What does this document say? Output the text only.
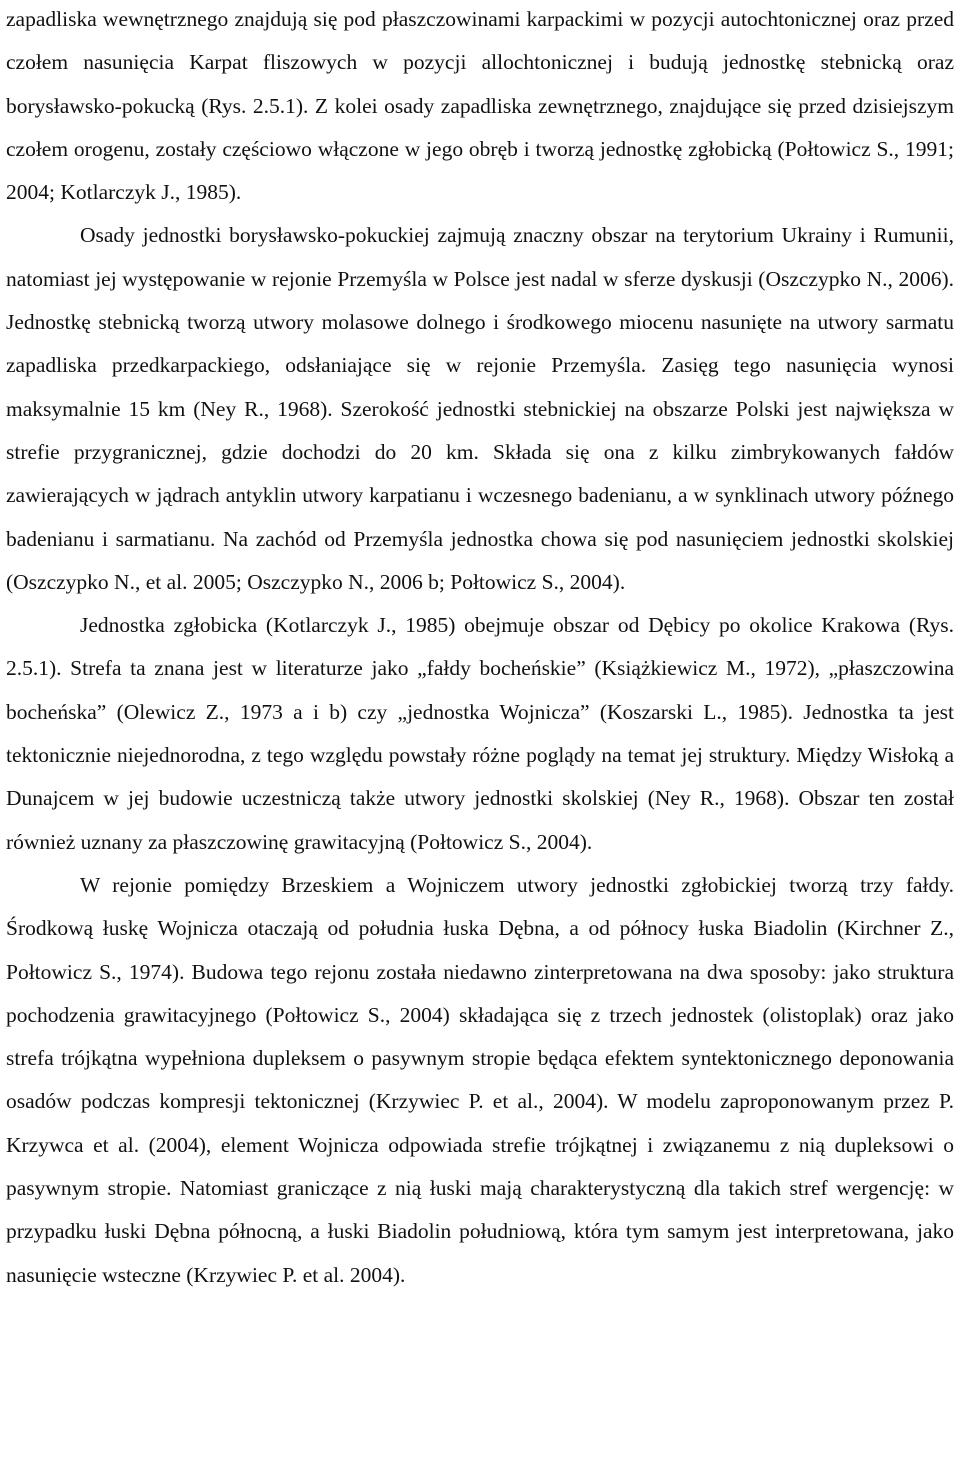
zapadliska wewnętrznego znajdują się pod płaszczowinami karpackimi w pozycji autochtonicznej oraz przed czołem nasunięcia Karpat fliszowych w pozycji allochtonicznej i budują jednostkę stebnicką oraz borysławsko-pokucką (Rys. 2.5.1). Z kolei osady zapadliska zewnętrznego, znajdujące się przed dzisiejszym czołem orogenu, zostały częściowo włączone w jego obręb i tworzą jednostkę zgłobicką (Połtowicz S., 1991; 2004; Kotlarczyk J., 1985).

Osady jednostki borysławsko-pokuckiej zajmują znaczny obszar na terytorium Ukrainy i Rumunii, natomiast jej występowanie w rejonie Przemyśla w Polsce jest nadal w sferze dyskusji (Oszczypko N., 2006). Jednostkę stebnicką tworzą utwory molasowe dolnego i środkowego miocenu nasunięte na utwory sarmatu zapadliska przedkarpackiego, odsłaniające się w rejonie Przemyśla. Zasięg tego nasunięcia wynosi maksymalnie 15 km (Ney R., 1968). Szerokość jednostki stebnickiej na obszarze Polski jest największa w strefie przygranicznej, gdzie dochodzi do 20 km. Składa się ona z kilku zimbrykowanych fałdów zawierających w jądrach antyklin utwory karpatianu i wczesnego badenianu, a w synklinach utwory późnego badenianu i sarmatianu. Na zachód od Przemyśla jednostka chowa się pod nasunięciem jednostki skolskiej (Oszczypko N., et al. 2005; Oszczypko N., 2006 b; Połtowicz S., 2004).

Jednostka zgłobicka (Kotlarczyk J., 1985) obejmuje obszar od Dębicy po okolice Krakowa (Rys. 2.5.1). Strefa ta znana jest w literaturze jako „fałdy bocheńskie” (Książkiewicz M., 1972), „płaszczowina bocheńska” (Olewicz Z., 1973 a i b) czy „jednostka Wojnicza” (Koszarski L., 1985). Jednostka ta jest tektonicznie niejednorodna, z tego względu powstały różne poglądy na temat jej struktury. Między Wisłoką a Dunajcem w jej budowie uczestniczą także utwory jednostki skolskiej (Ney R., 1968). Obszar ten został również uznany za płaszczowinę grawitacyjną (Połtowicz S., 2004).

W rejonie pomiędzy Brzeskiem a Wojniczem utwory jednostki zgłobickiej tworzą trzy fałdy. Środkową łuskę Wojnicza otaczają od południa łuska Dębna, a od północy łuska Biadolin (Kirchner Z., Połtowicz S., 1974). Budowa tego rejonu została niedawno zinterpretowana na dwa sposoby: jako struktura pochodzenia grawitacyjnego (Połtowicz S., 2004) składająca się z trzech jednostek (olistoplak) oraz jako strefa trójkątna wypełniona dupleksem o pasywnym stropie będąca efektem syntektonicznego deponowania osadów podczas kompresji tektonicznej (Krzywiec P. et al., 2004). W modelu zaproponowanym przez P. Krzywca et al. (2004), element Wojnicza odpowiada strefie trójkątnej i związanemu z nią dupleksowi o pasywnym stropie. Natomiast graniczące z nią łuski mają charakterystyczną dla takich stref wergencję: w przypadku łuski Dębna północną, a łuski Biadolin południową, która tym samym jest interpretowana, jako nasunięcie wsteczne (Krzywiec P. et al. 2004).
